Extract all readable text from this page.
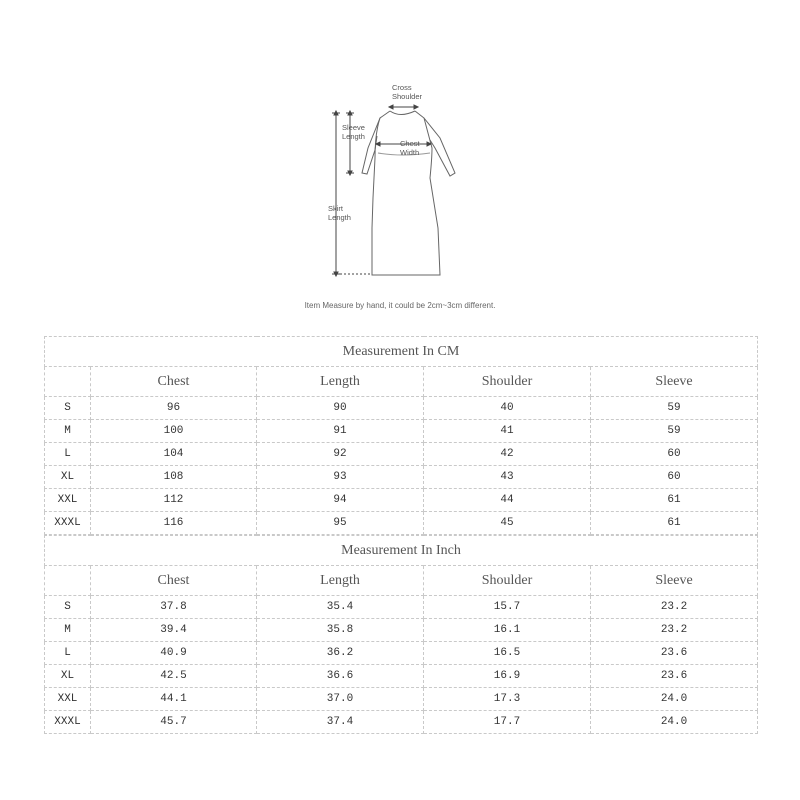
Cross
Shoulder
Sleeve
Length
Chest
Width
Skirt
Length
Item Measure by hand, it could be 2cm~3cm different.
Measurement In CM				
	Chest	Length	Shoulder	Sleeve
S	96	90	40	59
M	100	91	41	59
L	104	92	42	60
XL	108	93	43	60
XXL	112	94	44	61
XXXL	116	95	45	61
Measurement In Inch				
	Chest	Length	Shoulder	Sleeve
S	37.8	35.4	15.7	23.2
M	39.4	35.8	16.1	23.2
L	40.9	36.2	16.5	23.6
XL	42.5	36.6	16.9	23.6
XXL	44.1	37.0	17.3	24.0
XXXL	45.7	37.4	17.7	24.0
